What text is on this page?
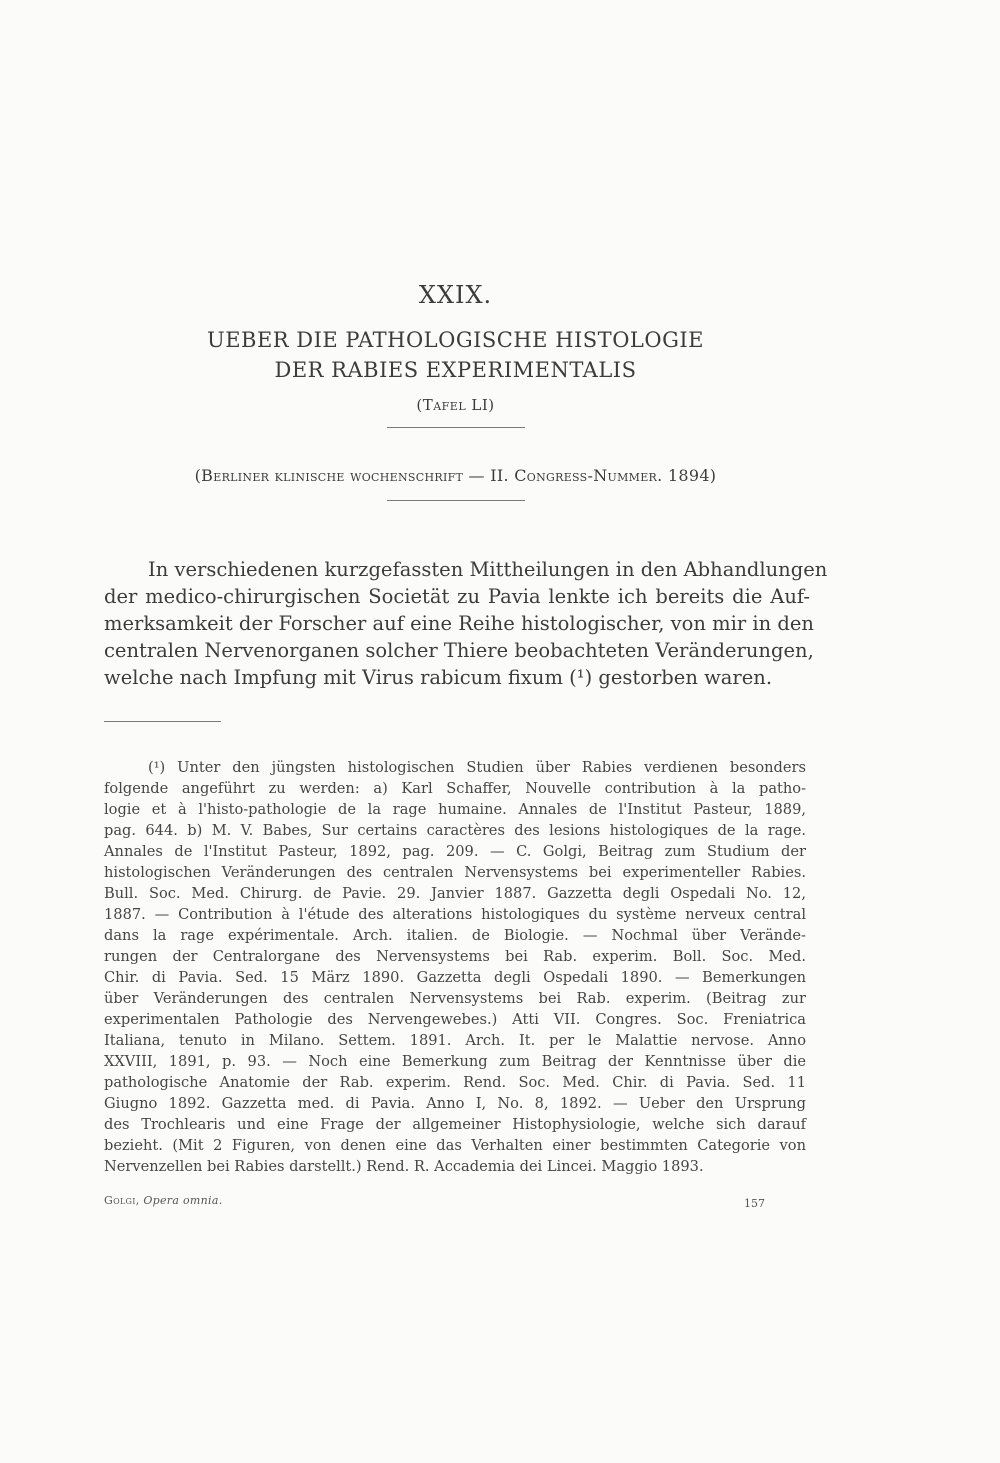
XXIX.
UEBER DIE PATHOLOGISCHE HISTOLOGIE
DER RABIES EXPERIMENTALIS
(Tafel LI)
(Berliner klinische wochenschrift — II. Congress-Nummer. 1894)
In verschiedenen kurzgefassten Mittheilungen in den Abhandlungen
der medico-chirurgischen Societät zu Pavia lenkte ich bereits die Auf-
merksamkeit der Forscher auf eine Reihe histologischer, von mir in den
centralen Nervenorganen solcher Thiere beobachteten Veränderungen,
welche nach Impfung mit Virus rabicum fixum (¹) gestorben waren.
(¹) Unter den jüngsten histologischen Studien über Rabies verdienen besonders
folgende angeführt zu werden: a) Karl Schaffer, Nouvelle contribution à la patho-
logie et à l'histo-pathologie de la rage humaine. Annales de l'Institut Pasteur, 1889,
pag. 644. b) M. V. Babes, Sur certains caractères des lesions histologiques de la rage.
Annales de l'Institut Pasteur, 1892, pag. 209. — C. Golgi, Beitrag zum Studium der
histologischen Veränderungen des centralen Nervensystems bei experimenteller Rabies.
Bull. Soc. Med. Chirurg. de Pavie. 29. Janvier 1887. Gazzetta degli Ospedali No. 12,
1887. — Contribution à l'étude des alterations histologiques du système nerveux central
dans la rage expérimentale. Arch. italien. de Biologie. — Nochmal über Verände-
rungen der Centralorgane des Nervensystems bei Rab. experim. Boll. Soc. Med.
Chir. di Pavia. Sed. 15 März 1890. Gazzetta degli Ospedali 1890. — Bemerkungen
über Veränderungen des centralen Nervensystems bei Rab. experim. (Beitrag zur
experimentalen Pathologie des Nervengewebes.) Atti VII. Congres. Soc. Freniatrica
Italiana, tenuto in Milano. Settem. 1891. Arch. It. per le Malattie nervose. Anno
XXVIII, 1891, p. 93. — Noch eine Bemerkung zum Beitrag der Kenntnisse über die
pathologische Anatomie der Rab. experim. Rend. Soc. Med. Chir. di Pavia. Sed. 11
Giugno 1892. Gazzetta med. di Pavia. Anno I, No. 8, 1892. — Ueber den Ursprung
des Trochlearis und eine Frage der allgemeiner Histophysiologie, welche sich darauf
bezieht. (Mit 2 Figuren, von denen eine das Verhalten einer bestimmten Categorie von
Nervenzellen bei Rabies darstellt.) Rend. R. Accademia dei Lincei. Maggio 1893.
Golgi, Opera omnia.	157
